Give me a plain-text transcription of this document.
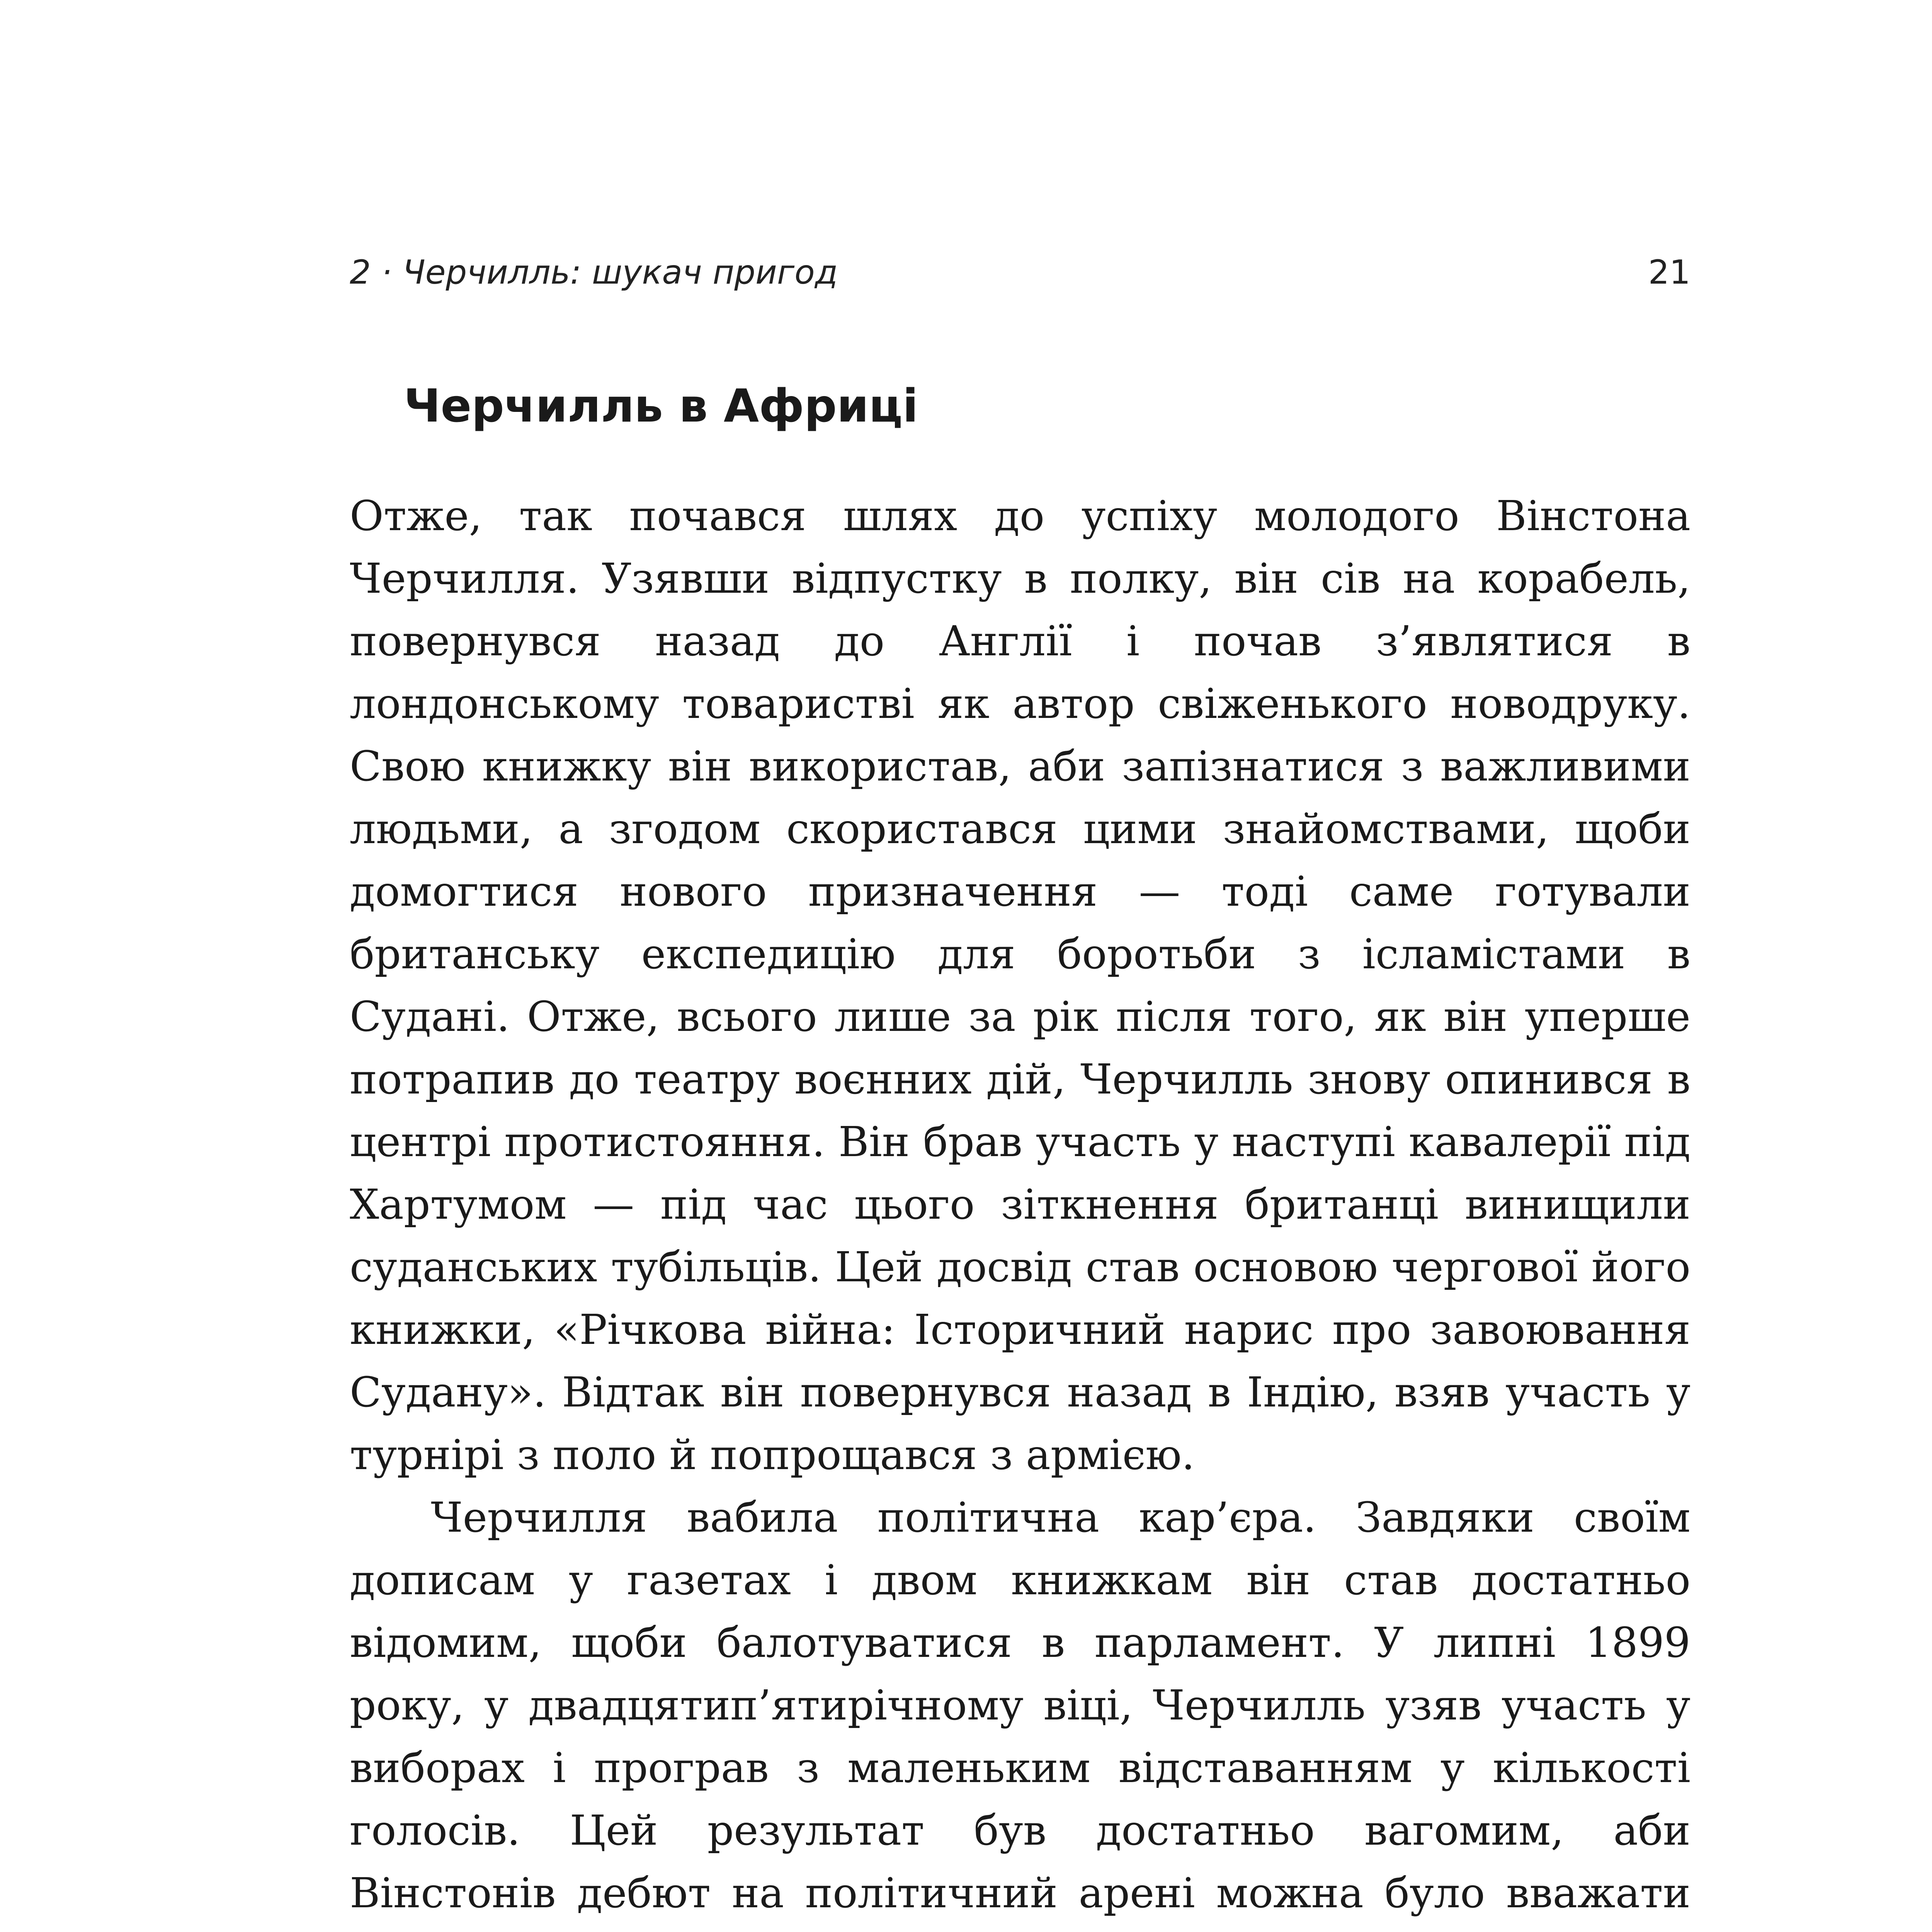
2 · Черчилль: шукач пригод	21
Черчилль в Африці

Отже, так почався шлях до успіху молодого Вінстона Черчилля. Узявши відпустку в полку, він сів на корабель, повернувся назад до Англії і почав з’являтися в лондонському товаристві як автор свіженького новодруку. Свою книжку він використав, аби запізнатися з важливими людьми, а згодом скористався цими знайомствами, щоби домогтися нового призначення — тоді саме готували британську експедицію для боротьби з ісламістами в Судані. Отже, всього лише за рік після того, як він уперше потрапив до театру воєнних дій, Черчилль знову опинився в центрі протистояння. Він брав участь у наступі кавалерії під Хартумом — під час цього зіткнення британці винищили суданських тубільців. Цей досвід став основою чергової його книжки, «Річкова війна: Історичний нарис про завоювання Судану». Відтак він повернувся назад в Індію, взяв участь у турнірі з поло й попрощався з армією.

Черчилля вабила політична кар’єра. Завдяки своїм дописам у газетах і двом книжкам він став достатньо відомим, щоби балотуватися в парламент. У липні 1899 року, у двадцятип’ятирічному віці, Черчилль узяв участь у виборах і програв з маленьким відставанням у кількості голосів. Цей результат був достатньо вагомим, аби Вінстонів дебют на політичний арені можна було вважати
